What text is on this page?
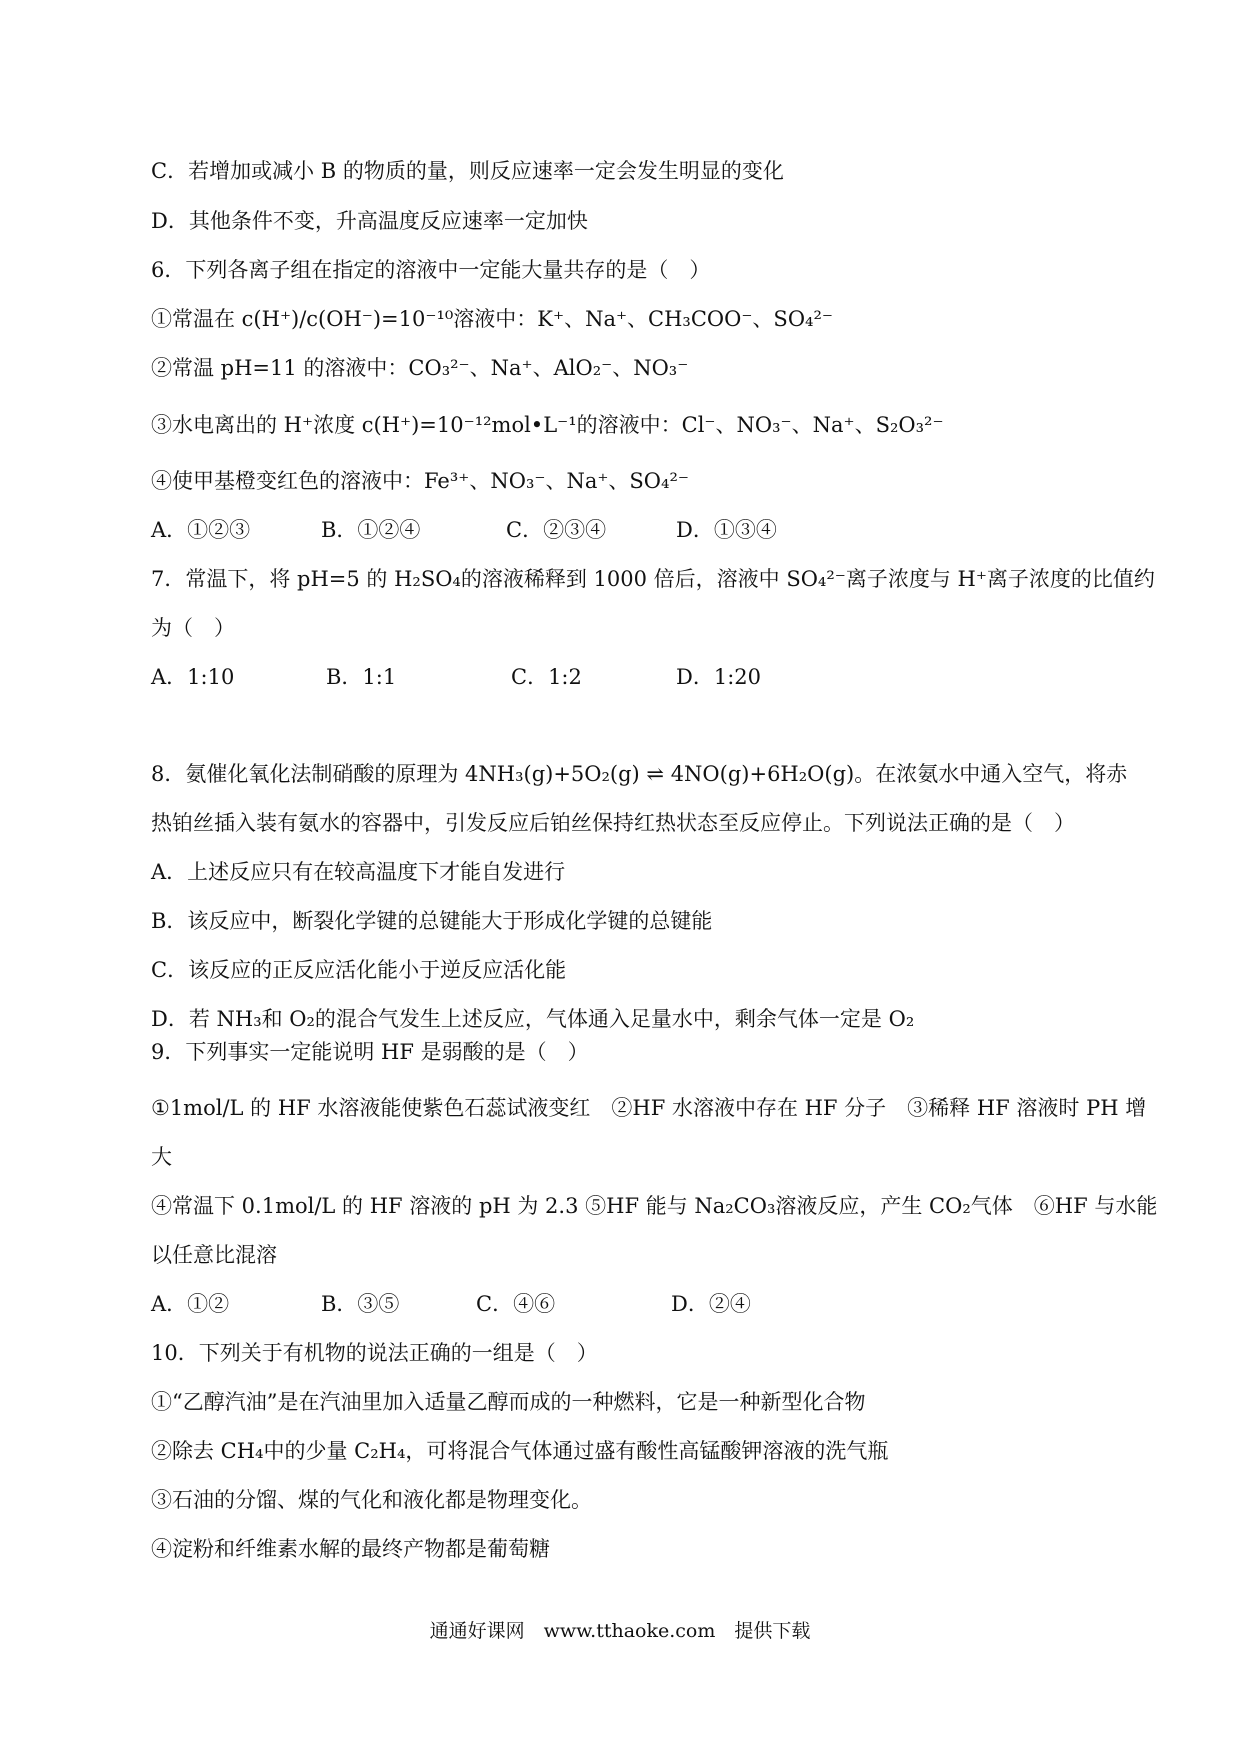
C．若增加或减小 B 的物质的量，则反应速率一定会发生明显的变化
D．其他条件不变，升高温度反应速率一定加快
6．下列各离子组在指定的溶液中一定能大量共存的是（　）
①常温在 c(H⁺)/c(OH⁻)=10⁻¹⁰溶液中：K⁺、Na⁺、CH₃COO⁻、SO₄²⁻
②常温 pH=11 的溶液中：CO₃²⁻、Na⁺、AlO₂⁻、NO₃⁻
③水电离出的 H⁺浓度 c(H⁺)=10⁻¹²mol•L⁻¹的溶液中：Cl⁻、NO₃⁻、Na⁺、S₂O₃²⁻
④使甲基橙变红色的溶液中：Fe³⁺、NO₃⁻、Na⁺、SO₄²⁻
A．①②③	B．①②④	C．②③④	D．①③④
7．常温下，将 pH=5 的 H₂SO₄的溶液稀释到 1000 倍后，溶液中 SO₄²⁻离子浓度与 H⁺离子浓度的比值约
为（　）
A．1:10	B．1:1	C．1:2	D．1:20
8．氨催化氧化法制硝酸的原理为 4NH₃(g)+5O₂(g) ⇌ 4NO(g)+6H₂O(g)。在浓氨水中通入空气，将赤
热铂丝插入装有氨水的容器中，引发反应后铂丝保持红热状态至反应停止。下列说法正确的是（　）
A．上述反应只有在较高温度下才能自发进行
B．该反应中，断裂化学键的总键能大于形成化学键的总键能
C．该反应的正反应活化能小于逆反应活化能
D．若 NH₃和 O₂的混合气发生上述反应，气体通入足量水中，剩余气体一定是 O₂
9．下列事实一定能说明 HF 是弱酸的是（　）
①1mol/L 的 HF 水溶液能使紫色石蕊试液变红　②HF 水溶液中存在 HF 分子　③稀释 HF 溶液时 PH 增
大
④常温下 0.1mol/L 的 HF 溶液的 pH 为 2.3 ⑤HF 能与 Na₂CO₃溶液反应，产生 CO₂气体　⑥HF 与水能
以任意比混溶
A．①②	B．③⑤	C．④⑥	D．②④
10．下列关于有机物的说法正确的一组是（　）
①“乙醇汽油”是在汽油里加入适量乙醇而成的一种燃料，它是一种新型化合物
②除去 CH₄中的少量 C₂H₄，可将混合气体通过盛有酸性高锰酸钾溶液的洗气瓶
③石油的分馏、煤的气化和液化都是物理变化。
④淀粉和纤维素水解的最终产物都是葡萄糖
通通好课网　www.tthaoke.com　提供下载
